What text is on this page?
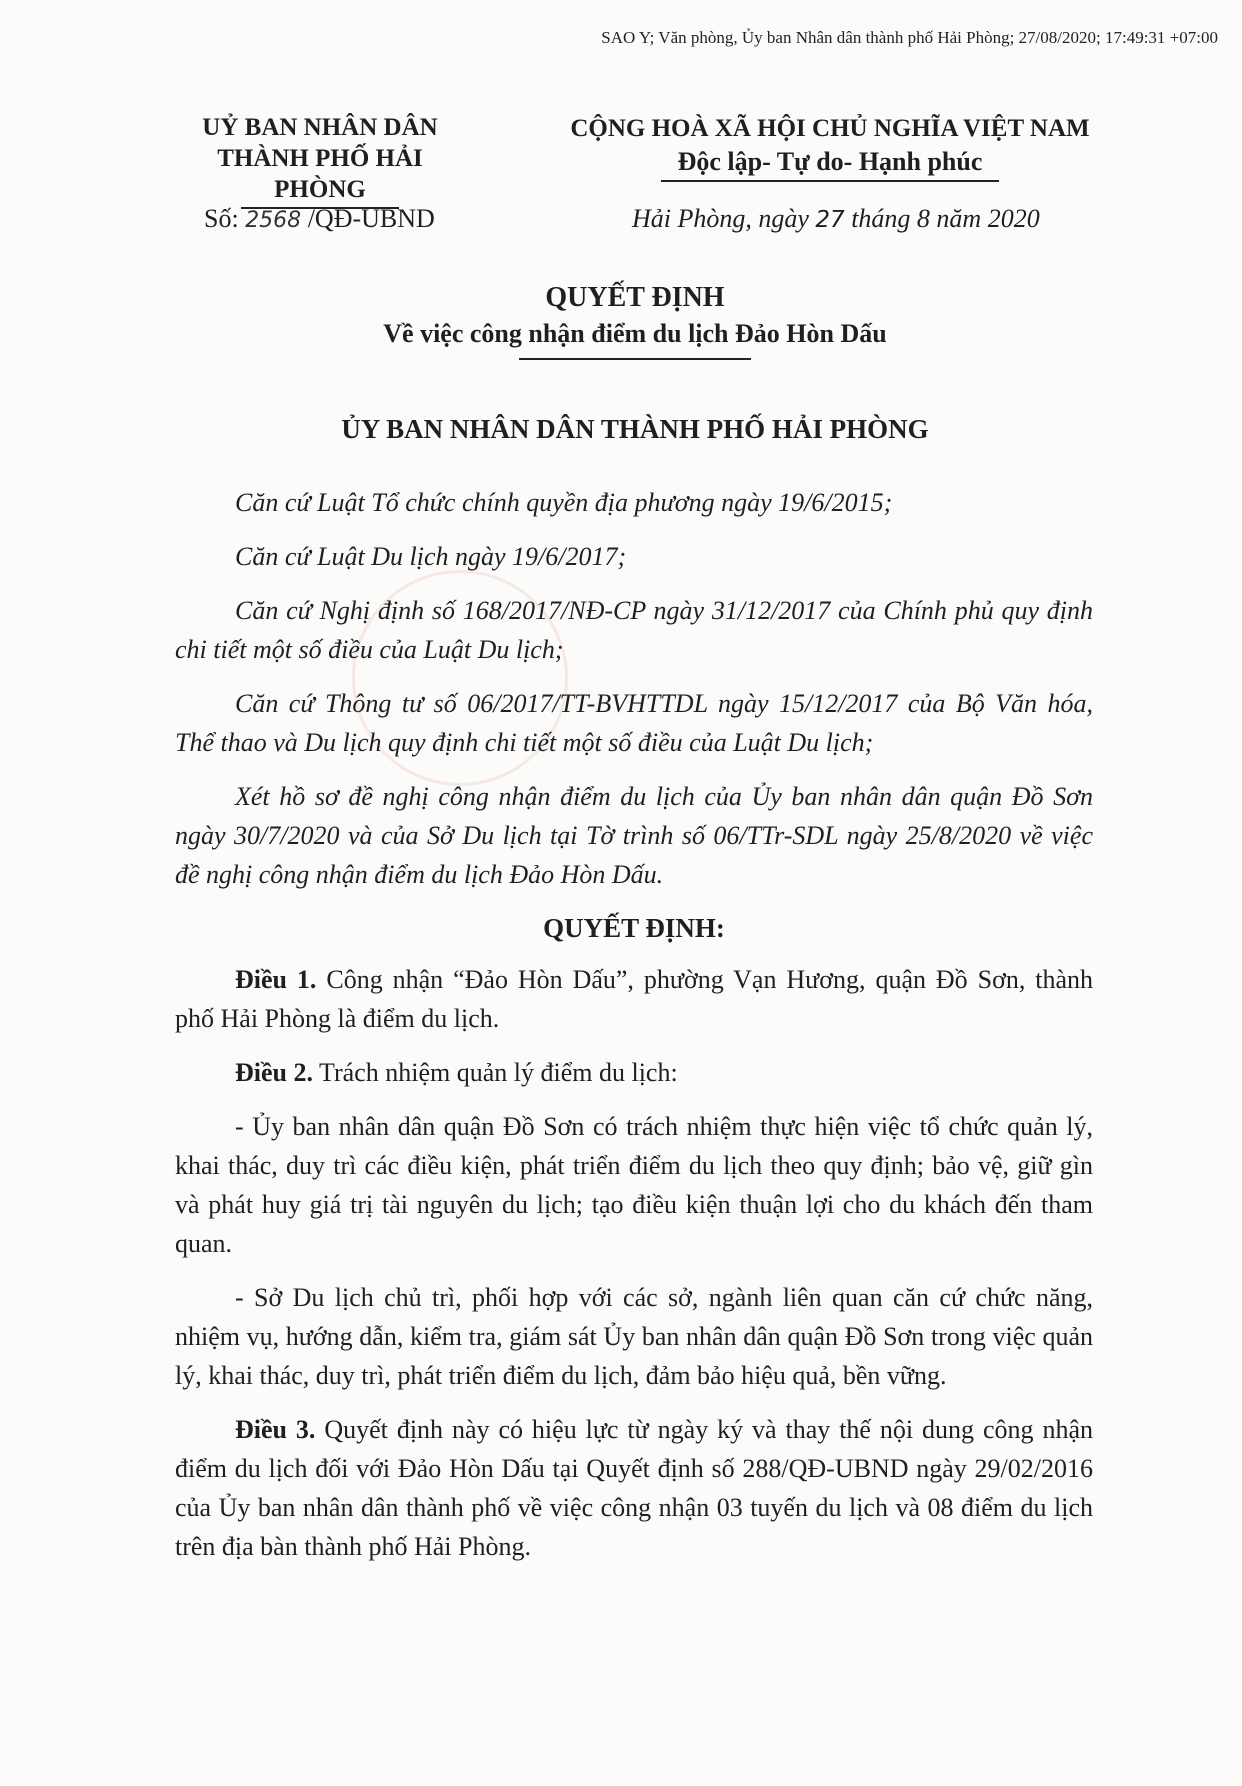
SAO Y; Văn phòng, Ủy ban Nhân dân thành phố Hải Phòng; 27/08/2020; 17:49:31 +07:00
UỶ BAN NHÂN DÂN
THÀNH PHỐ HẢI PHÒNG
CỘNG HOÀ XÃ HỘI CHỦ NGHĨA VIỆT NAM
Độc lập- Tự do- Hạnh phúc
Số: 2568 /QĐ-UBND	Hải Phòng, ngày 27 tháng 8 năm 2020
QUYẾT ĐỊNH
Về việc công nhận điểm du lịch Đảo Hòn Dấu
ỦY BAN NHÂN DÂN THÀNH PHỐ HẢI PHÒNG

Căn cứ Luật Tổ chức chính quyền địa phương ngày 19/6/2015;

Căn cứ Luật Du lịch ngày 19/6/2017;

Căn cứ Nghị định số 168/2017/NĐ-CP ngày 31/12/2017 của Chính phủ quy định chi tiết một số điều của Luật Du lịch;

Căn cứ Thông tư số 06/2017/TT-BVHTTDL ngày 15/12/2017 của Bộ Văn hóa, Thể thao và Du lịch quy định chi tiết một số điều của Luật Du lịch;

Xét hồ sơ đề nghị công nhận điểm du lịch của Ủy ban nhân dân quận Đồ Sơn ngày 30/7/2020 và của Sở Du lịch tại Tờ trình số 06/TTr-SDL ngày 25/8/2020 về việc đề nghị công nhận điểm du lịch Đảo Hòn Dấu.

QUYẾT ĐỊNH:

Điều 1. Công nhận “Đảo Hòn Dấu”, phường Vạn Hương, quận Đồ Sơn, thành phố Hải Phòng là điểm du lịch.

Điều 2. Trách nhiệm quản lý điểm du lịch:

- Ủy ban nhân dân quận Đồ Sơn có trách nhiệm thực hiện việc tổ chức quản lý, khai thác, duy trì các điều kiện, phát triển điểm du lịch theo quy định; bảo vệ, giữ gìn và phát huy giá trị tài nguyên du lịch; tạo điều kiện thuận lợi cho du khách đến tham quan.

- Sở Du lịch chủ trì, phối hợp với các sở, ngành liên quan căn cứ chức năng, nhiệm vụ, hướng dẫn, kiểm tra, giám sát Ủy ban nhân dân quận Đồ Sơn trong việc quản lý, khai thác, duy trì, phát triển điểm du lịch, đảm bảo hiệu quả, bền vững.

Điều 3. Quyết định này có hiệu lực từ ngày ký và thay thế nội dung công nhận điểm du lịch đối với Đảo Hòn Dấu tại Quyết định số 288/QĐ-UBND ngày 29/02/2016 của Ủy ban nhân dân thành phố về việc công nhận 03 tuyến du lịch và 08 điểm du lịch trên địa bàn thành phố Hải Phòng.
